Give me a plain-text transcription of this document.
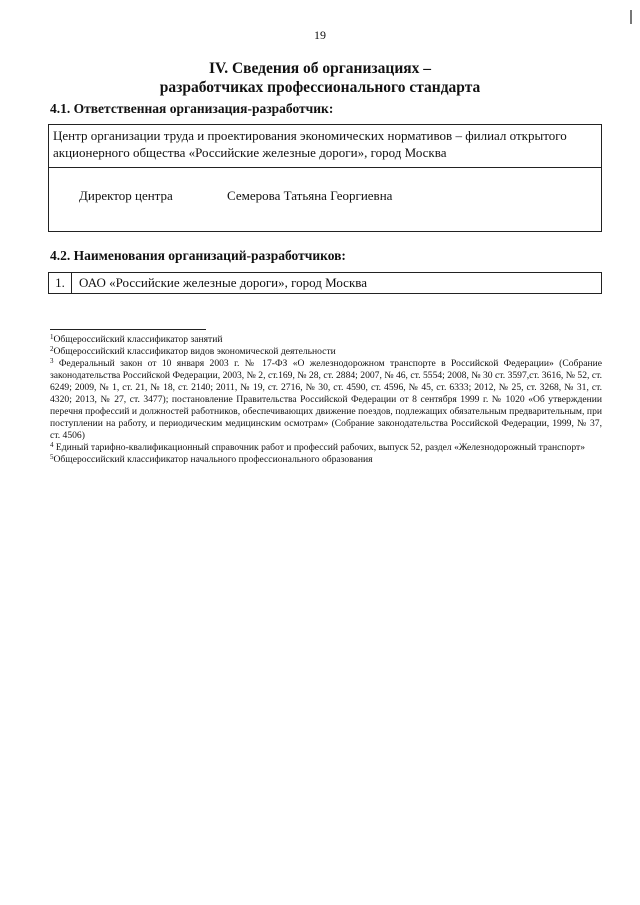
19
IV. Сведения об организациях –
разработчиках профессионального стандарта
4.1. Ответственная организация-разработчик:
Центр организации труда и проектирования экономических нормативов – филиал открытого акционерного общества «Российские железные дороги», город Москва
Директор центра	Семерова Татьяна Георгиевна
4.2. Наименования организаций-разработчиков:
1.	ОАО «Российские железные дороги», город Москва

$^1$Общероссийский классификатор занятий

$^2$Общероссийский классификатор видов экономической деятельности

$^3$ Федеральный закон от 10 января 2003 г. № 17-ФЗ «О железнодорожном транспорте в Российской Федерации» (Собрание законодательства Российской Федерации, 2003, № 2, ст.169, № 28, ст. 2884; 2007, № 46, ст. 5554; 2008, № 30 ст. 3597,ст. 3616, № 52, ст. 6249; 2009, № 1, ст. 21, № 18, ст. 2140; 2011, № 19, ст. 2716, № 30, ст. 4590, ст. 4596, № 45, ст. 6333; 2012, № 25, ст. 3268, № 31, ст. 4320; 2013, № 27, ст. 3477); постановление Правительства Российской Федерации от 8 сентября 1999 г. № 1020 «Об утверждении перечня профессий и должностей работников, обеспечивающих движение поездов, подлежащих обязательным предварительным, при поступлении на работу, и периодическим медицинским осмотрам» (Собрание законодательства Российской Федерации, 1999, № 37, ст. 4506)

$^4$ Единый тарифно-квалификационный справочник работ и профессий рабочих, выпуск 52, раздел «Железнодорожный транспорт»

$^5$Общероссийский классификатор начального профессионального образования
